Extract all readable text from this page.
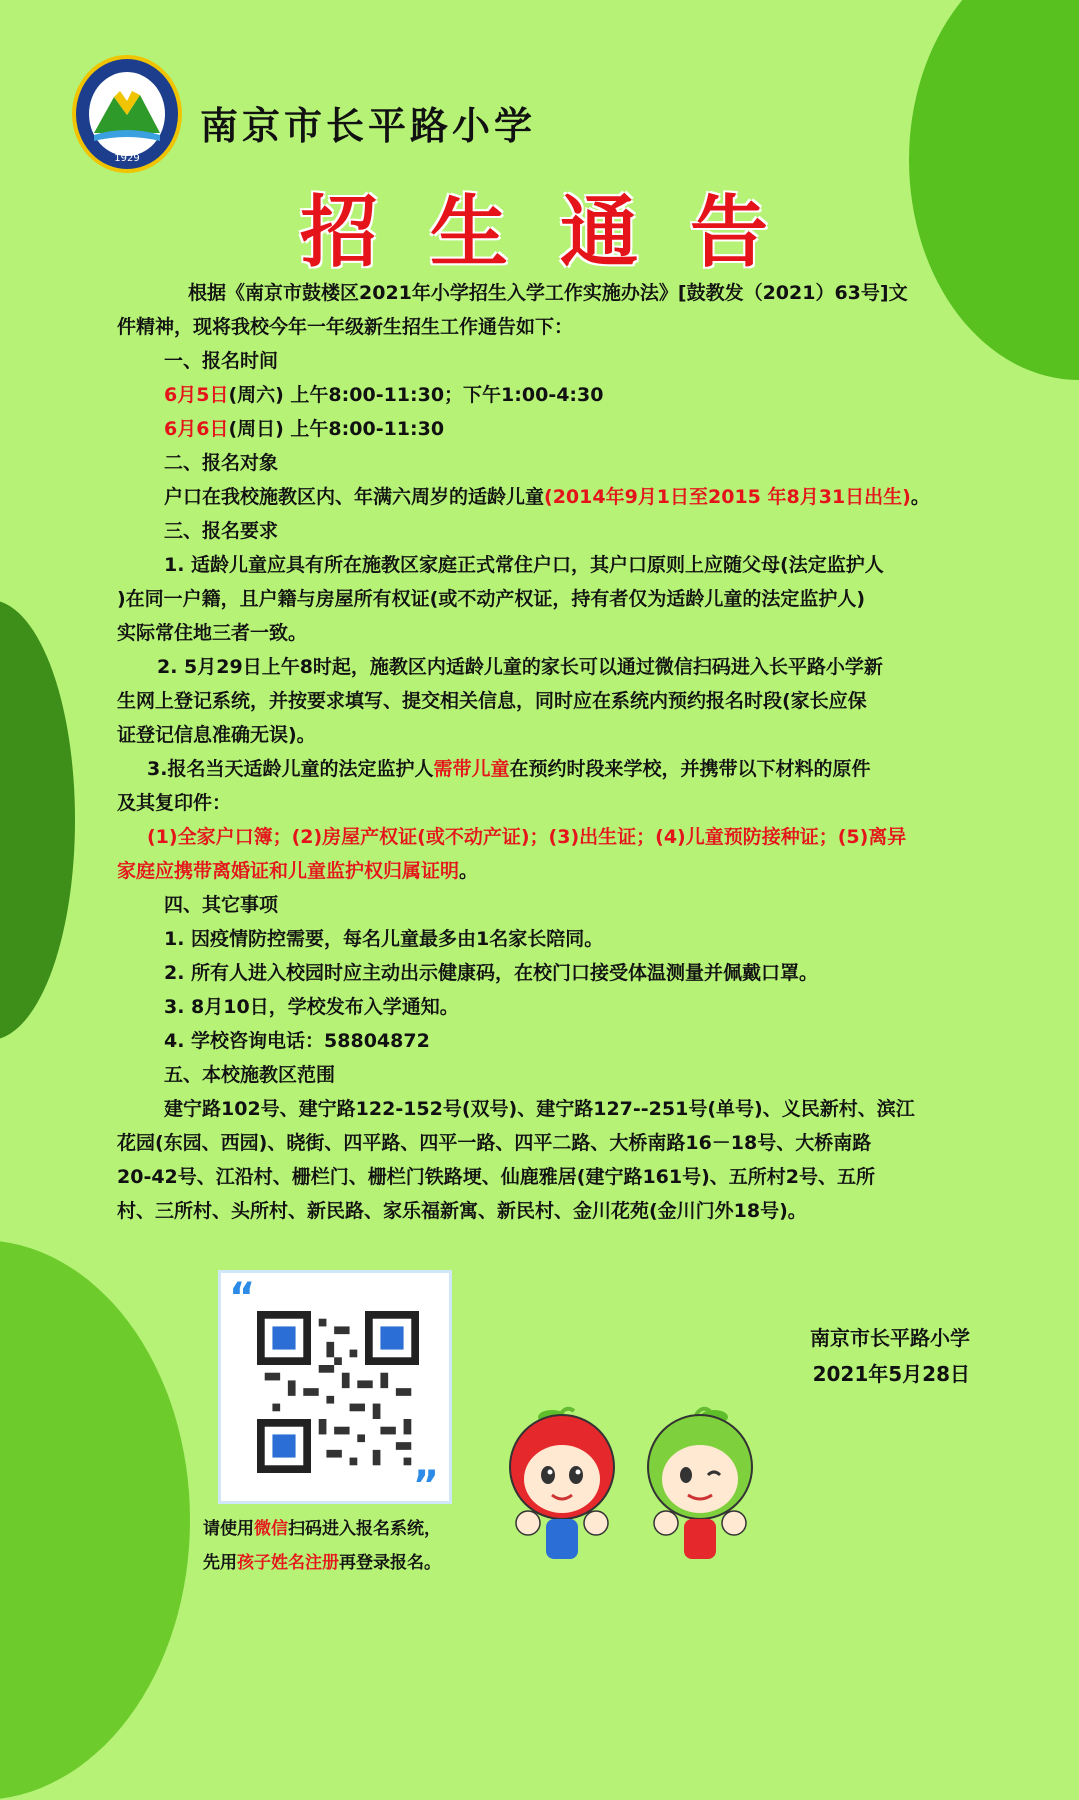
1929
南京市长平路小学
招生通告

根据《南京市鼓楼区2021年小学招生入学工作实施办法》[鼓教发（2021）63号]文

件精神，现将我校今年一年级新生招生工作通告如下：

一、报名时间

6月5日(周六) 上午8:00-11:30；下午1:00-4:30

6月6日(周日) 上午8:00-11:30

二、报名对象

户口在我校施教区内、年满六周岁的适龄儿童(2014年9月1日至2015 年8月31日出生)。

三、报名要求

1. 适龄儿童应具有所在施教区家庭正式常住户口，其户口原则上应随父母(法定监护人

)在同一户籍，且户籍与房屋所有权证(或不动产权证，持有者仅为适龄儿童的法定监护人)

实际常住地三者一致。

2. 5月29日上午8时起，施教区内适龄儿童的家长可以通过微信扫码进入长平路小学新

生网上登记系统，并按要求填写、提交相关信息，同时应在系统内预约报名时段(家长应保

证登记信息准确无误)。

3.报名当天适龄儿童的法定监护人需带儿童在预约时段来学校，并携带以下材料的原件

及其复印件：

(1)全家户口簿；(2)房屋产权证(或不动产证)；(3)出生证；(4)儿童预防接种证；(5)离异

家庭应携带离婚证和儿童监护权归属证明。

四、其它事项

1. 因疫情防控需要，每名儿童最多由1名家长陪同。

2. 所有人进入校园时应主动出示健康码，在校门口接受体温测量并佩戴口罩。

3. 8月10日，学校发布入学通知。

4. 学校咨询电话：58804872

五、本校施教区范围

建宁路102号、建宁路122-152号(双号)、建宁路127--251号(单号)、义民新村、滨江

花园(东园、西园)、晓街、四平路、四平一路、四平二路、大桥南路16－18号、大桥南路

20-42号、江沿村、栅栏门、栅栏门铁路埂、仙鹿雅居(建宁路161号)、五所村2号、五所

村、三所村、头所村、新民路、家乐福新寓、新民村、金川花苑(金川门外18号)。

“
”
请使用微信扫码进入报名系统，
先用孩子姓名注册再登录报名。
南京市长平路小学
2021年5月28日
